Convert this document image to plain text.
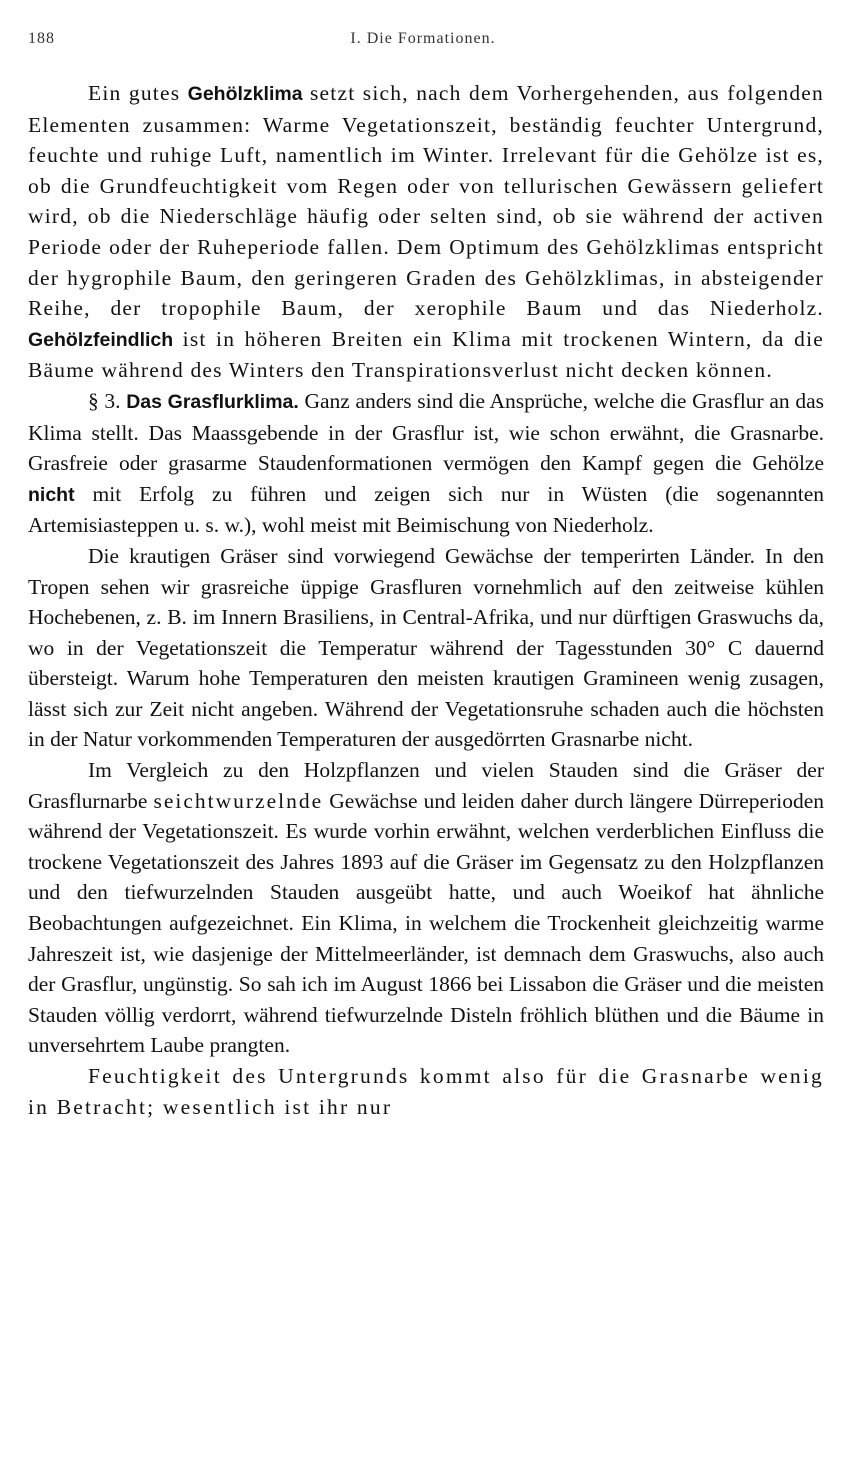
188	I. Die Formationen.

Ein gutes Gehölzklima setzt sich, nach dem Vorhergehenden, aus folgenden Elementen zusammen: Warme Vegetationszeit, beständig feuchter Untergrund, feuchte und ruhige Luft, namentlich im Winter. Irrelevant für die Gehölze ist es, ob die Grundfeuchtigkeit vom Regen oder von tellurischen Gewässern geliefert wird, ob die Niederschläge häufig oder selten sind, ob sie während der activen Periode oder der Ruheperiode fallen. Dem Optimum des Gehölzklimas entspricht der hygrophile Baum, den geringeren Graden des Gehölzklimas, in absteigender Reihe, der tropophile Baum, der xerophile Baum und das Niederholz. Gehölzfeindlich ist in höheren Breiten ein Klima mit trockenen Wintern, da die Bäume während des Winters den Transpirationsverlust nicht decken können.

§ 3. Das Grasflurklima. Ganz anders sind die Ansprüche, welche die Grasflur an das Klima stellt. Das Maassgebende in der Grasflur ist, wie schon erwähnt, die Grasnarbe. Grasfreie oder grasarme Staudenformationen vermögen den Kampf gegen die Gehölze nicht mit Erfolg zu führen und zeigen sich nur in Wüsten (die sogenannten Artemisiasteppen u. s. w.), wohl meist mit Beimischung von Niederholz.

Die krautigen Gräser sind vorwiegend Gewächse der temperirten Länder. In den Tropen sehen wir grasreiche üppige Grasfluren vornehmlich auf den zeitweise kühlen Hochebenen, z. B. im Innern Brasiliens, in Central-Afrika, und nur dürftigen Graswuchs da, wo in der Vegetationszeit die Temperatur während der Tagesstunden 30° C dauernd übersteigt. Warum hohe Temperaturen den meisten krautigen Gramineen wenig zusagen, lässt sich zur Zeit nicht angeben. Während der Vegetationsruhe schaden auch die höchsten in der Natur vorkommenden Temperaturen der ausgedörrten Grasnarbe nicht.

Im Vergleich zu den Holzpflanzen und vielen Stauden sind die Gräser der Grasflurnarbe seichtwurzelnde Gewächse und leiden daher durch längere Dürreperioden während der Vegetationszeit. Es wurde vorhin erwähnt, welchen verderblichen Einfluss die trockene Vegetationszeit des Jahres 1893 auf die Gräser im Gegensatz zu den Holzpflanzen und den tiefwurzelnden Stauden ausgeübt hatte, und auch Woeikof hat ähnliche Beobachtungen aufgezeichnet. Ein Klima, in welchem die Trockenheit gleichzeitig warme Jahreszeit ist, wie dasjenige der Mittelmeerländer, ist demnach dem Graswuchs, also auch der Grasflur, ungünstig. So sah ich im August 1866 bei Lissabon die Gräser und die meisten Stauden völlig verdorrt, während tiefwurzelnde Disteln fröhlich blüthen und die Bäume in unversehrtem Laube prangten.

Feuchtigkeit des Untergrunds kommt also für die Grasnarbe wenig in Betracht; wesentlich ist ihr nur
